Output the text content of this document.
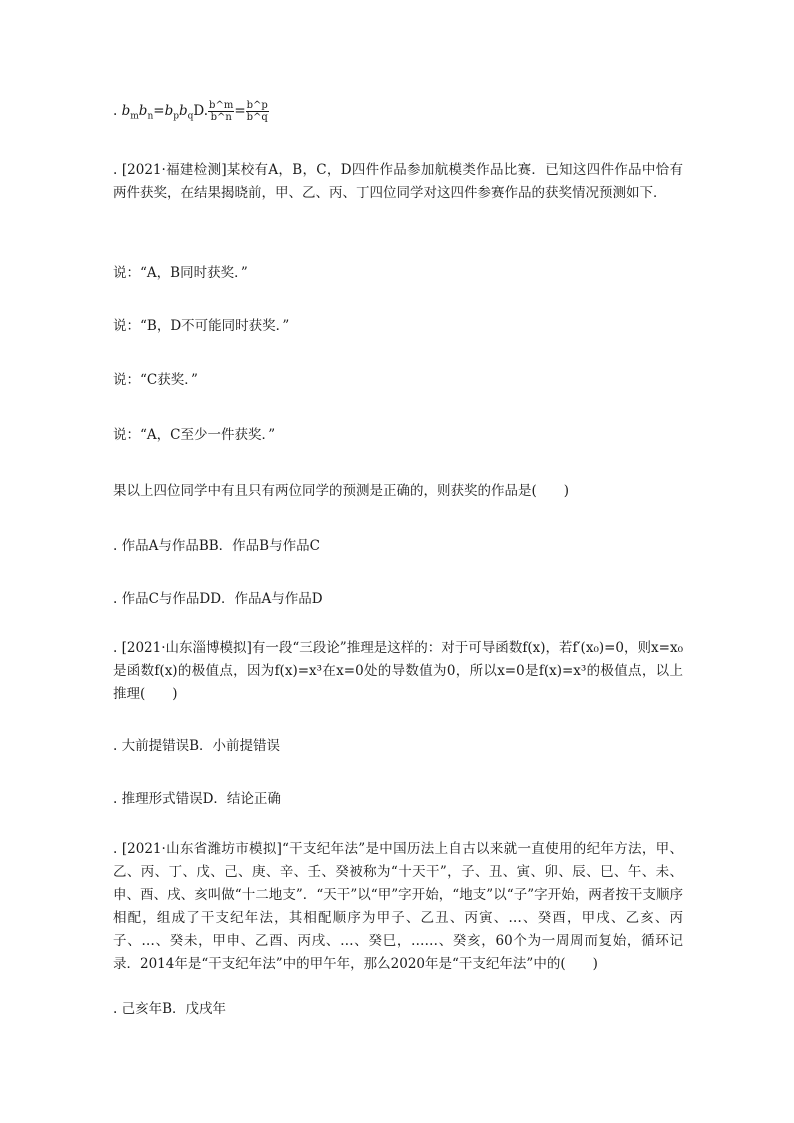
. $b_mb_n=b_pb_qD$. $\frac{b\^{}m}{b\^{}n} = \frac{b\^{}p}{b\^{}q}$
. [2021·福建检测]某校有A，B，C，D四件作品参加航模类作品比赛．已知这四件作品中恰有两件获奖，在结果揭晓前，甲、乙、丙、丁四位同学对这四件参赛作品的获奖情况预测如下．
说：“A，B同时获奖．”
说：“B，D不可能同时获奖．”
说：“C获奖．”
说：“A，C至少一件获奖．”
果以上四位同学中有且只有两位同学的预测是正确的，则获奖的作品是(　　)
. 作品A与作品BB．作品B与作品C
. 作品C与作品DD．作品A与作品D
. [2021·山东淄博模拟]有一段“三段论”推理是这样的：对于可导函数f(x)，若f′(x₀)=0，则x=x₀是函数f(x)的极值点，因为f(x)=x³在x=0处的导数值为0，所以x=0是f(x)=x³的极值点，以上推理(　　)
. 大前提错误B．小前提错误
. 推理形式错误D．结论正确
. [2021·山东省潍坊市模拟]“干支纪年法”是中国历法上自古以来就一直使用的纪年方法，甲、乙、丙、丁、戊、己、庚、辛、壬、癸被称为“十天干”，子、丑、寅、卯、辰、巳、午、未、申、酉、戌、亥叫做“十二地支”．“天干”以“甲”字开始，“地支”以“子”字开始，两者按干支顺序相配，组成了干支纪年法，其相配顺序为甲子、乙丑、丙寅、…、癸酉，甲戌、乙亥、丙子、…、癸未，甲申、乙酉、丙戌、…、癸巳，……、癸亥，60个为一周周而复始，循环记录．2014年是“干支纪年法”中的甲午年，那么2020年是“干支纪年法”中的(　　)
. 己亥年B．戊戌年
